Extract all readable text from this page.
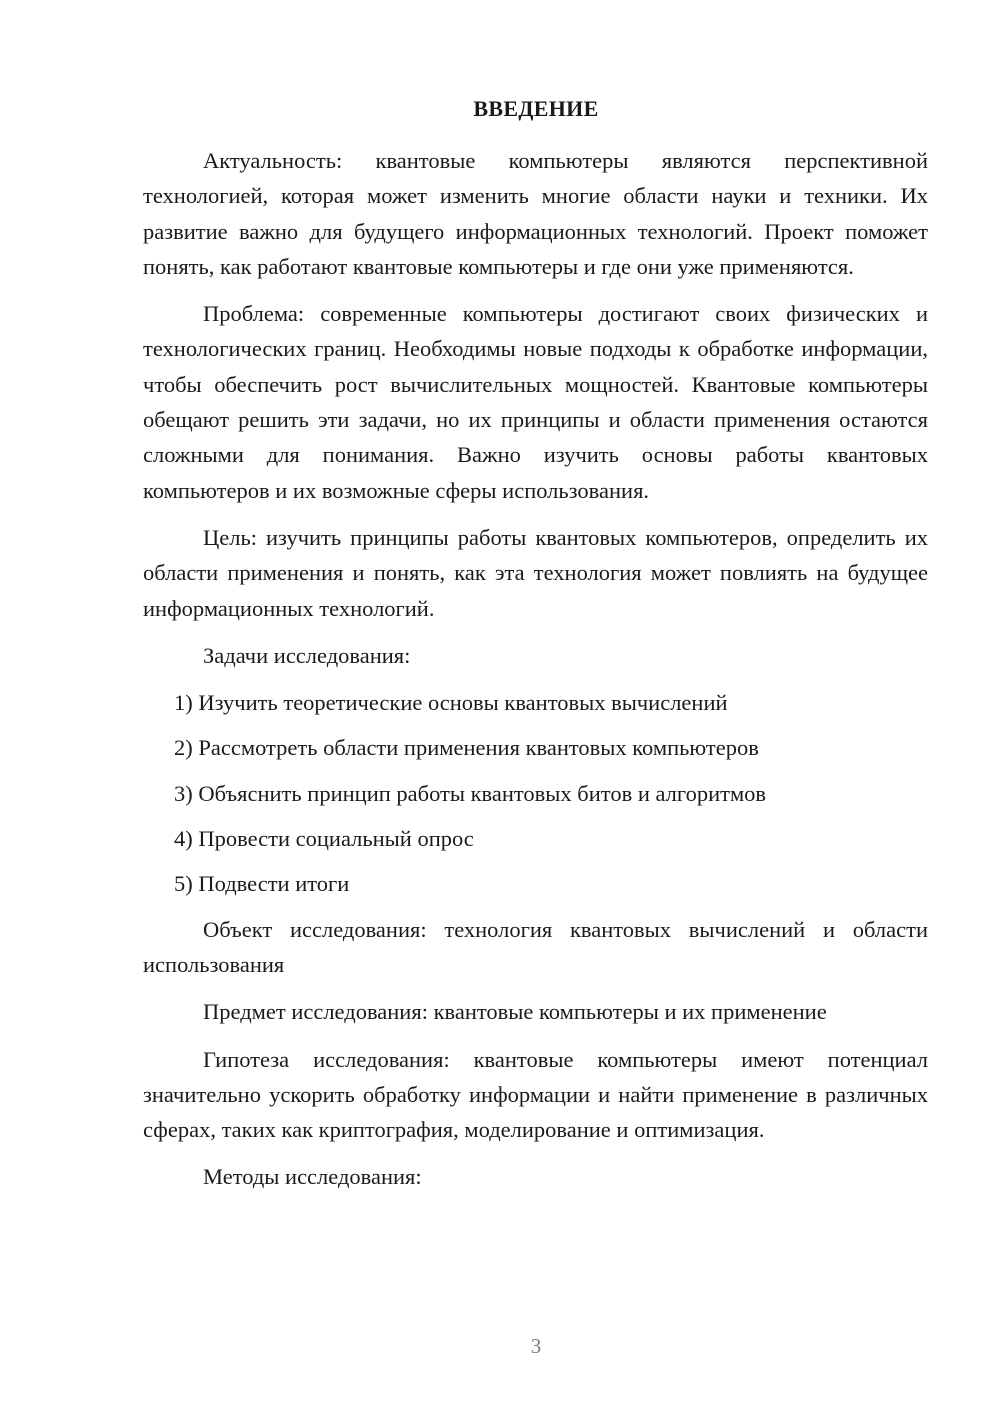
ВВЕДЕНИЕ

Актуальность: квантовые компьютеры являются перспективной технологией, которая может изменить многие области науки и техники. Их развитие важно для будущего информационных технологий. Проект поможет понять, как работают квантовые компьютеры и где они уже применяются.

Проблема: современные компьютеры достигают своих физических и технологических границ. Необходимы новые подходы к обработке информации, чтобы обеспечить рост вычислительных мощностей. Квантовые компьютеры обещают решить эти задачи, но их принципы и области применения остаются сложными для понимания. Важно изучить основы работы квантовых компьютеров и их возможные сферы использования.

Цель: изучить принципы работы квантовых компьютеров, определить их области применения и понять, как эта технология может повлиять на будущее информационных технологий.

Задачи исследования:

1) Изучить теоретические основы квантовых вычислений

2) Рассмотреть области применения квантовых компьютеров

3) Объяснить принцип работы квантовых битов и алгоритмов

4) Провести социальный опрос

5) Подвести итоги

Объект исследования: технология квантовых вычислений и области использования

Предмет исследования: квантовые компьютеры и их применение

Гипотеза исследования: квантовые компьютеры имеют потенциал значительно ускорить обработку информации и найти применение в различных сферах, таких как криптография, моделирование и оптимизация.

Методы исследования:

3
